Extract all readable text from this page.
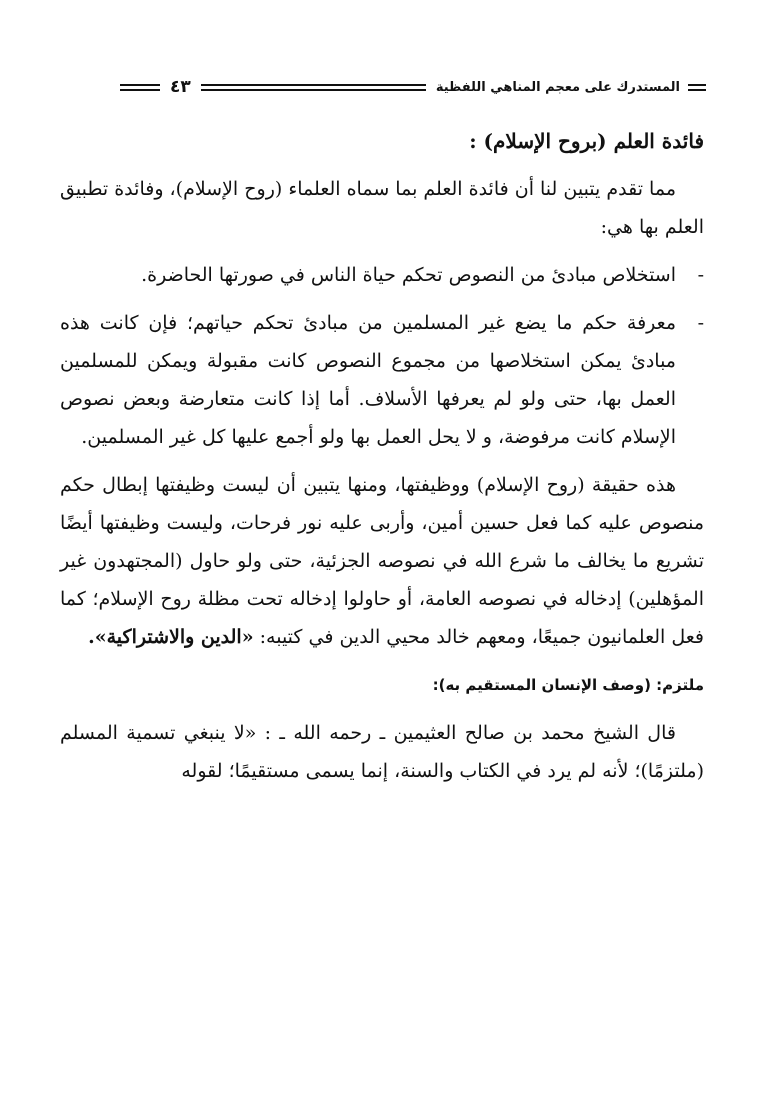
المستدرك على معجم المناهي اللفظية
٤٣

فائدة العلم (بروح الإسلام) :

مما تقدم يتبين لنا أن فائدة العلم بما سماه العلماء (روح الإسلام)، وفائدة تطبيق العلم بها هي:

-
استخلاص مبادئ من النصوص تحكم حياة الناس في صورتها الحاضرة.

-
معرفة حكم ما يضع غير المسلمين من مبادئ تحكم حياتهم؛ فإن كانت هذه مبادئ يمكن استخلاصها من مجموع النصوص كانت مقبولة ويمكن للمسلمين العمل بها، حتى ولو لم يعرفها الأسلاف. أما إذا كانت متعارضة وبعض نصوص الإسلام كانت مرفوضة، و لا يحل العمل بها ولو أجمع عليها كل غير المسلمين.

هذه حقيقة (روح الإسلام) ووظيفتها، ومنها يتبين أن ليست وظيفتها إبطال حكم منصوص عليه كما فعل حسين أمين، وأربى عليه نور فرحات، وليست وظيفتها أيضًا تشريع ما يخالف ما شرع الله في نصوصه الجزئية، حتى ولو حاول (المجتهدون غير المؤهلين) إدخاله في نصوصه العامة، أو حاولوا إدخاله تحت مظلة روح الإسلام؛ كما فعل العلمانيون جميعًا، ومعهم خالد محيي الدين في كتيبه: «الدين والاشتراكية».

ملتزم: (وصف الإنسان المستقيم به):

قال الشيخ محمد بن صالح العثيمين ـ رحمه الله ـ : «لا ينبغي تسمية المسلم (ملتزمًا)؛ لأنه لم يرد في الكتاب والسنة، إنما يسمى مستقيمًا؛ لقوله
